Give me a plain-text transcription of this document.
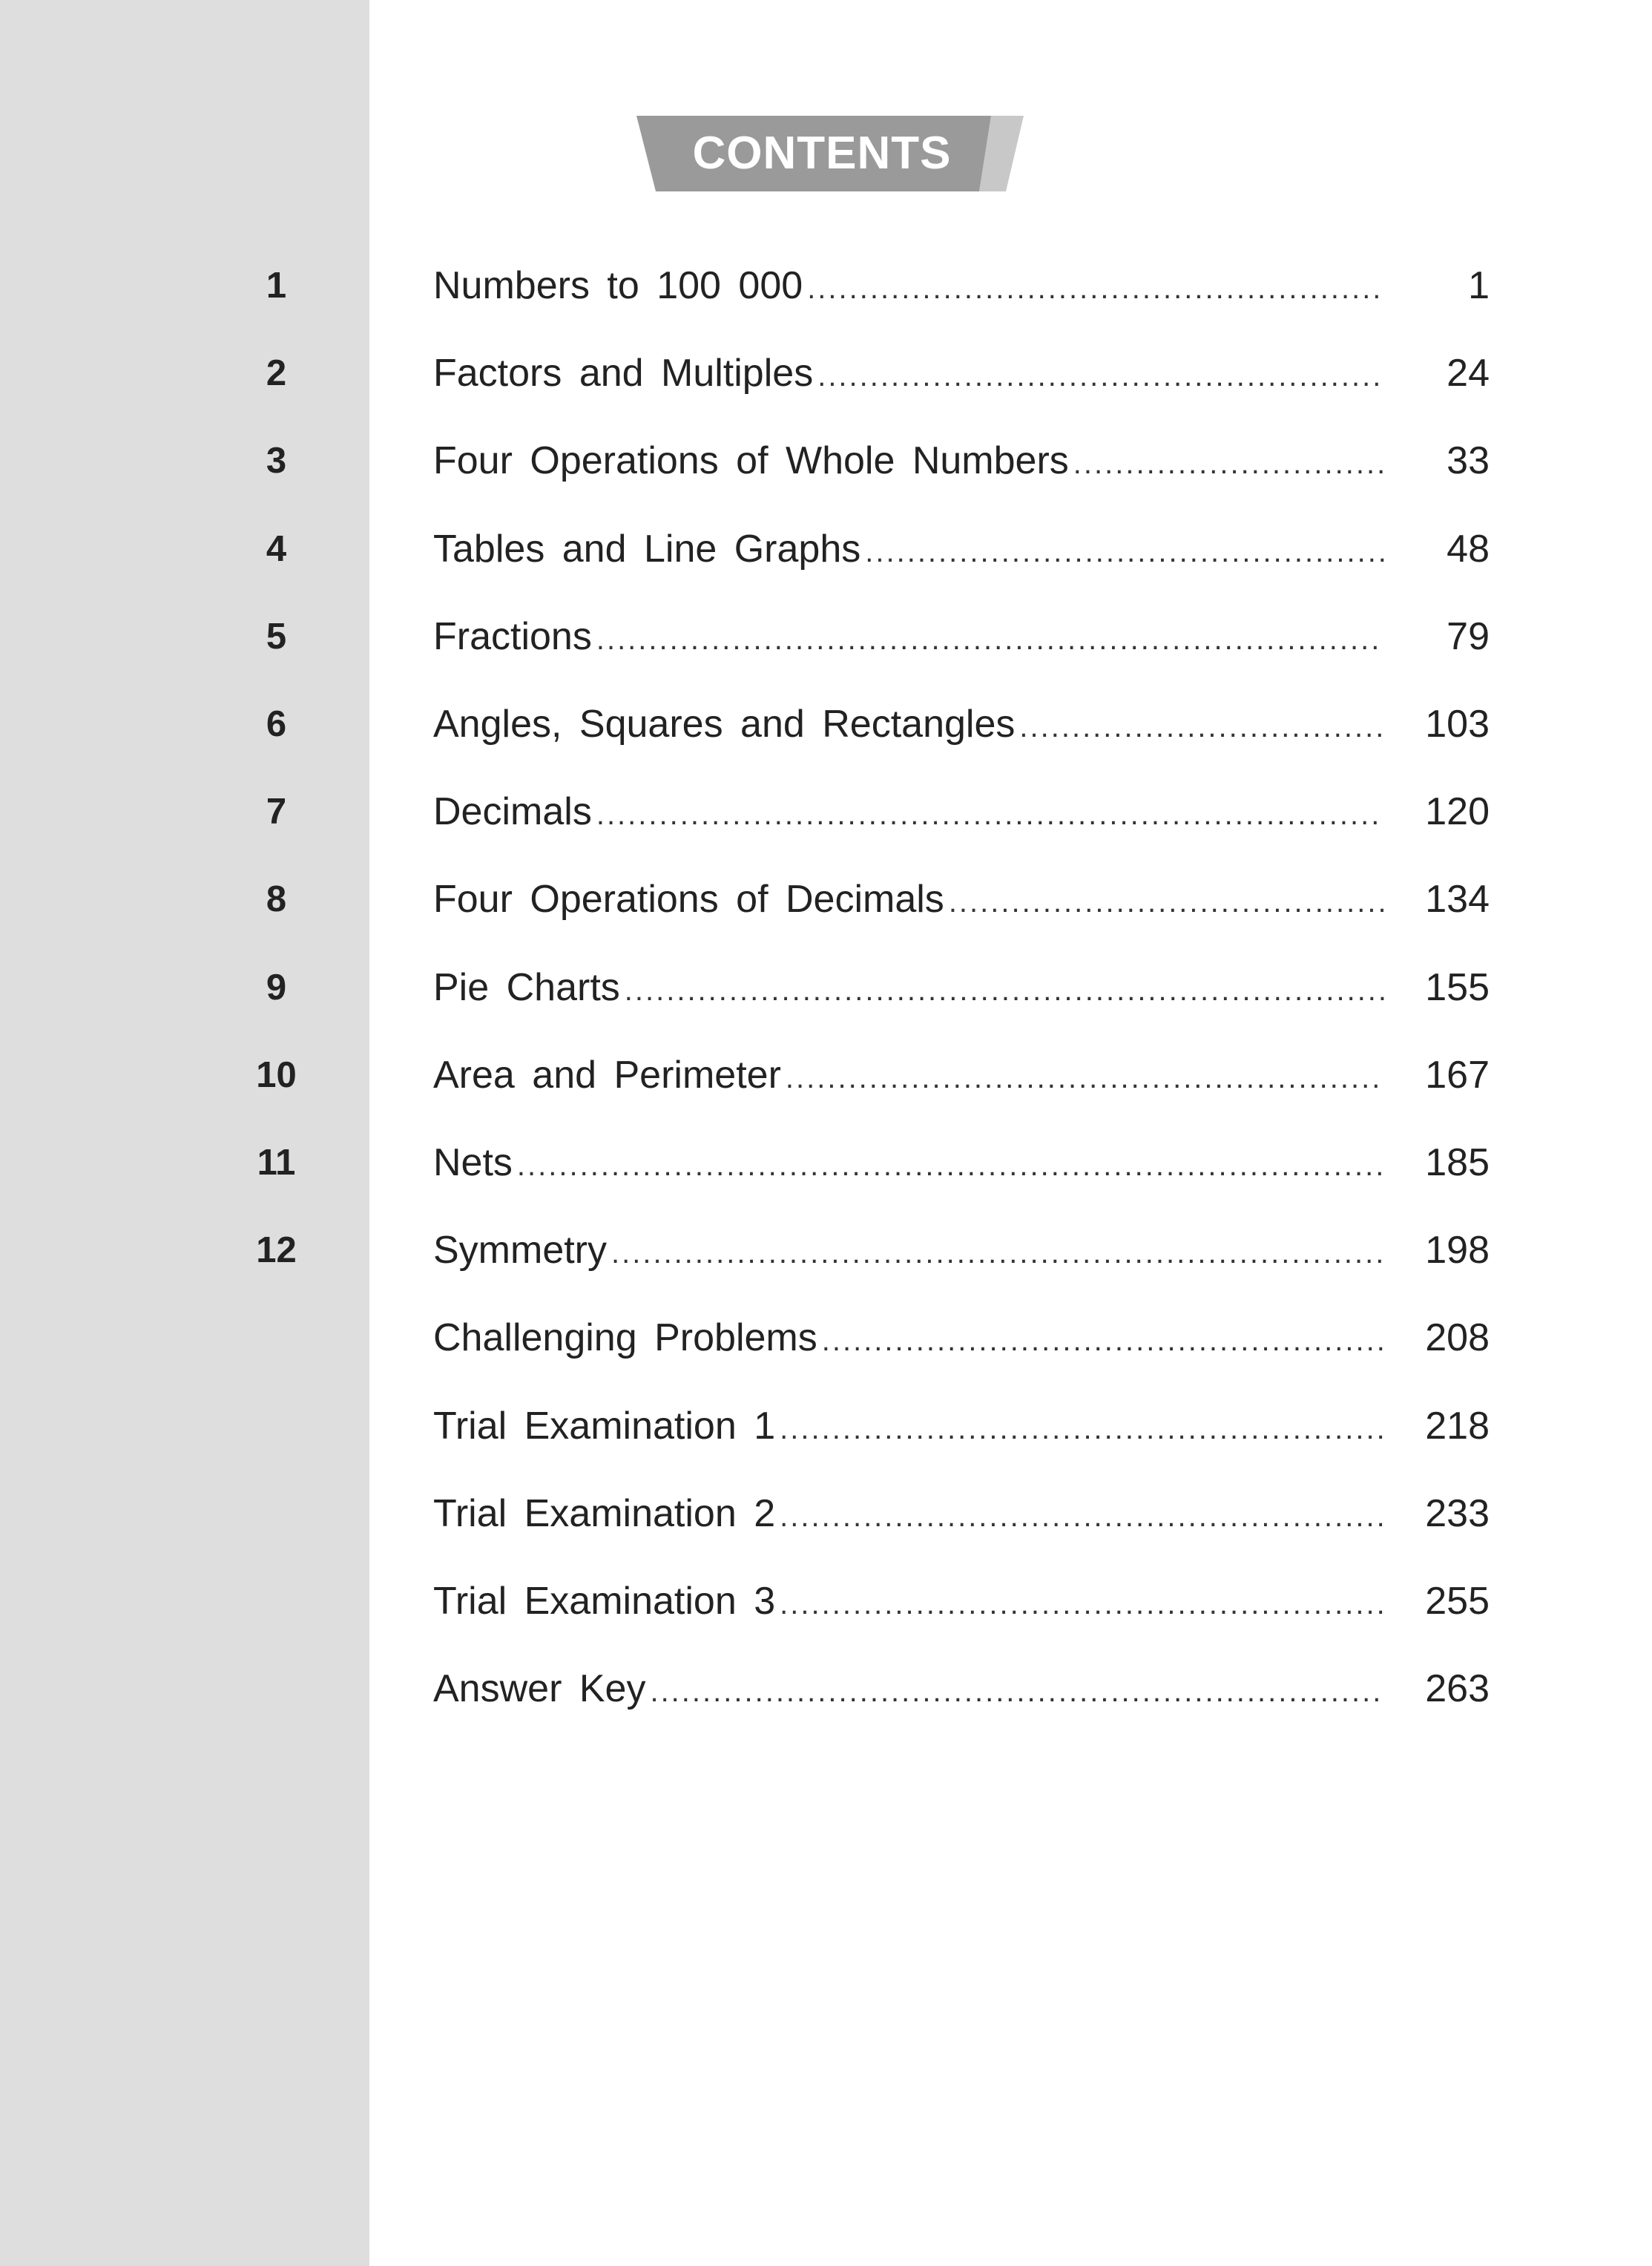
CONTENTS
1	Numbers to 100 000 .....	1
2	Factors and Multiples .....	24
3	Four Operations of Whole Numbers .....	33
4	Tables and Line Graphs .....	48
5	Fractions .....	79
6	Angles, Squares and Rectangles .....	103
7	Decimals .....	120
8	Four Operations of Decimals .....	134
9	Pie Charts .....	155
10	Area and Perimeter .....	167
11	Nets .....	185
12	Symmetry .....	198
Challenging Problems .....	208
Trial Examination 1 .....	218
Trial Examination 2 .....	233
Trial Examination 3 .....	255
Answer Key .....	263
